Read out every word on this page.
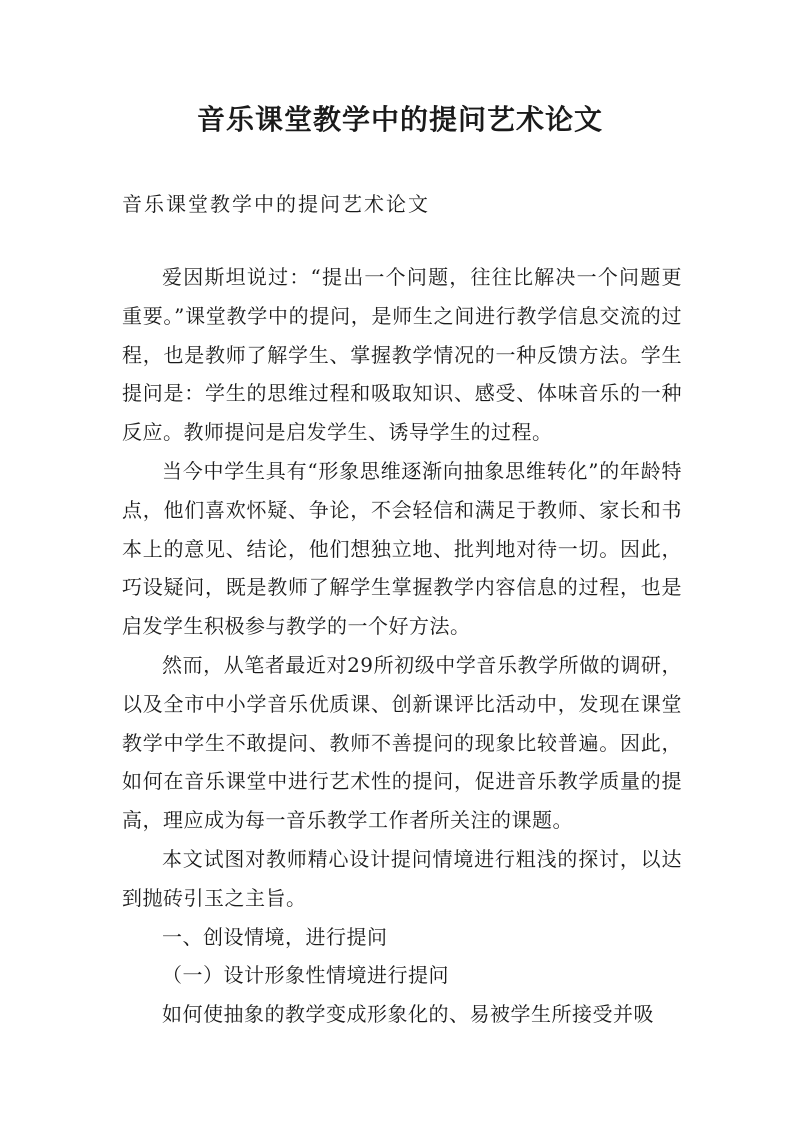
音乐课堂教学中的提问艺术论文
音乐课堂教学中的提问艺术论文

爱因斯坦说过：“提出一个问题，往往比解决一个问题更重要。”课堂教学中的提问，是师生之间进行教学信息交流的过程，也是教师了解学生、掌握教学情况的一种反馈方法。学生提问是：学生的思维过程和吸取知识、感受、体味音乐的一种反应。教师提问是启发学生、诱导学生的过程。

当今中学生具有“形象思维逐渐向抽象思维转化”的年龄特点，他们喜欢怀疑、争论，不会轻信和满足于教师、家长和书本上的意见、结论，他们想独立地、批判地对待一切。因此，巧设疑问，既是教师了解学生掌握教学内容信息的过程，也是启发学生积极参与教学的一个好方法。

然而，从笔者最近对29所初级中学音乐教学所做的调研，以及全市中小学音乐优质课、创新课评比活动中，发现在课堂教学中学生不敢提问、教师不善提问的现象比较普遍。因此，如何在音乐课堂中进行艺术性的提问，促进音乐教学质量的提高，理应成为每一音乐教学工作者所关注的课题。

本文试图对教师精心设计提问情境进行粗浅的探讨，以达到抛砖引玉之主旨。

一、创设情境，进行提问

（一）设计形象性情境进行提问

如何使抽象的教学变成形象化的、易被学生所接受并吸
